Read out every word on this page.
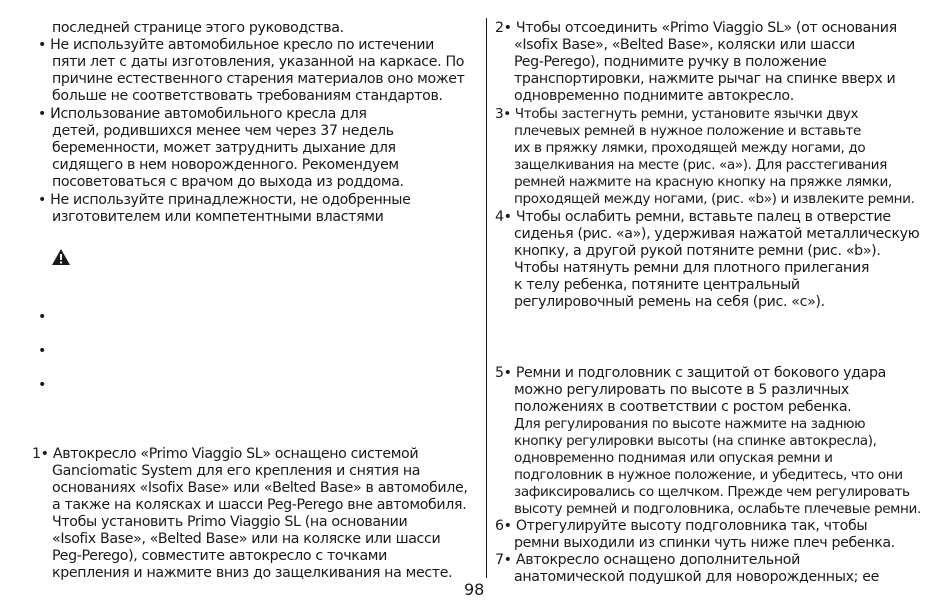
последней странице этого руководства.
• Не используйте автомобильное кресло по истечении
пяти лет с даты изготовления, указанной на каркасе. По
причине естественного старения материалов оно может
больше не соответствовать требованиям стандартов.
• Использование автомобильного кресла для
детей, родившихся менее чем через 37 недель
беременности, может затруднить дыхание для
сидящего в нем новорожденного. Рекомендуем
посоветоваться с врачом до выхода из роддома.
• Не используйте принадлежности, не одобренные
изготовителем или компетентными властями
•
•
•
1• Автокресло «Primo Viaggio SL» оснащено системой
Ganciomatic System для его крепления и снятия на
основаниях «Isofix Base» или «Belted Base» в автомобиле,
а также на колясках и шасси Peg-Perego вне автомобиля.
Чтобы установить Primo Viaggio SL (на основании
«Isofix Base», «Belted Base» или на коляске или шасси
Peg-Perego), совместите автокресло с точками
крепления и нажмите вниз до защелкивания на месте.
2• Чтобы отсоединить «Primo Viaggio SL» (от основания
«Isofix Base», «Belted Base», коляски или шасси
Peg-Perego), поднимите ручку в положение
транспортировки, нажмите рычаг на спинке вверх и
одновременно поднимите автокресло.
3• Чтобы застегнуть ремни, установите язычки двух
плечевых ремней в нужное положение и вставьте
их в пряжку лямки, проходящей между ногами, до
защелкивания на месте (рис. «a»). Для расстегивания
ремней нажмите на красную кнопку на пряжке лямки,
проходящей между ногами, (рис. «b») и извлеките ремни.
4• Чтобы ослабить ремни, вставьте палец в отверстие
сиденья (рис. «a»), удерживая нажатой металлическую
кнопку, а другой рукой потяните ремни (рис. «b»).
Чтобы натянуть ремни для плотного прилегания
к телу ребенка, потяните центральный
регулировочный ремень на себя (рис. «c»).
5• Ремни и подголовник с защитой от бокового удара
можно регулировать по высоте в 5 различных
положениях в соответствии с ростом ребенка.
Для регулирования по высоте нажмите на заднюю
кнопку регулировки высоты (на спинке автокресла),
одновременно поднимая или опуская ремни и
подголовник в нужное положение, и убедитесь, что они
зафиксировались со щелчком. Прежде чем регулировать
высоту ремней и подголовника, ослабьте плечевые ремни.
6• Отрегулируйте высоту подголовника так, чтобы
ремни выходили из спинки чуть ниже плеч ребенка.
7• Автокресло оснащено дополнительной
анатомической подушкой для новорожденных; ее
98
